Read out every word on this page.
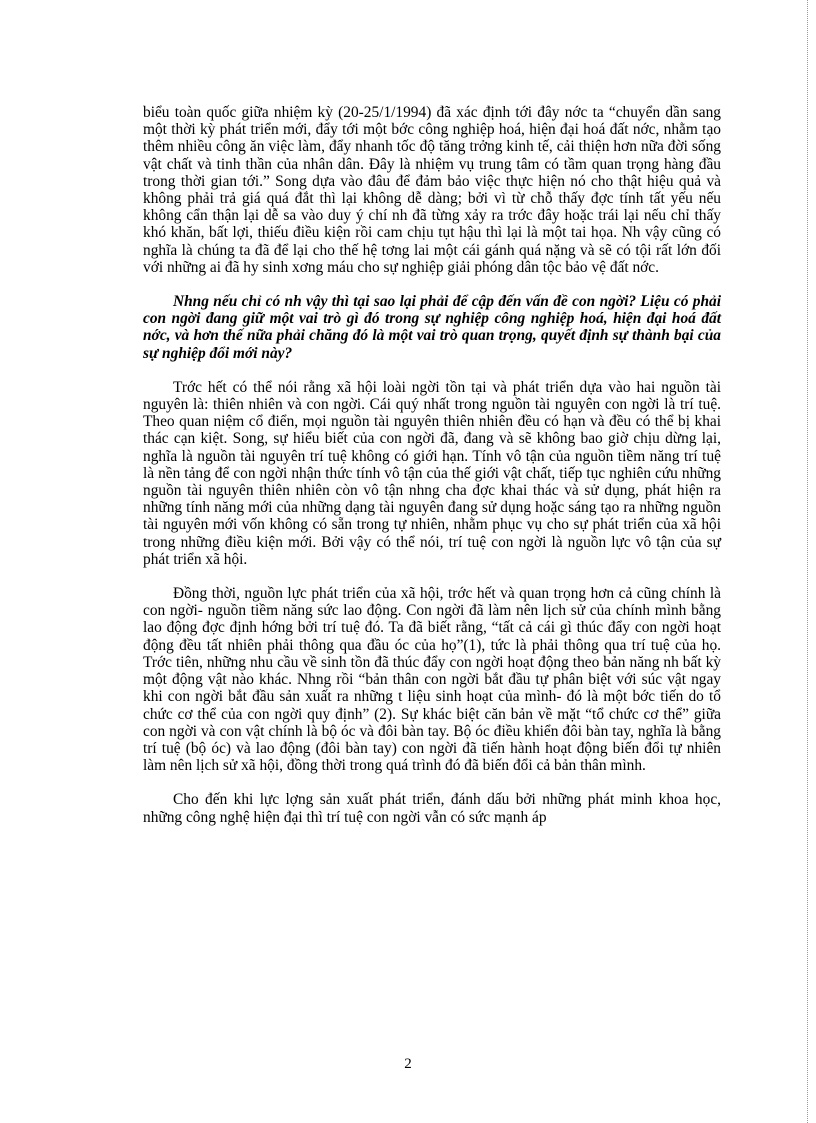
biểu toàn quốc giữa nhiệm kỳ (20-25/1/1994) đã xác định tới đây nớc ta “chuyển dần sang một thời kỳ phát triển mới, đẩy tới một bớc công nghiệp hoá, hiện đại hoá đất nớc, nhằm tạo thêm nhiều công ăn việc làm, đẩy nhanh tốc độ tăng trởng kinh tế, cải thiện hơn nữa đời sống vật chất và tinh thần của nhân dân. Đây là nhiệm vụ trung tâm có tầm quan trọng hàng đầu trong thời gian tới.” Song dựa vào đâu để đảm bảo việc thực hiện nó cho thật hiệu quả và không phải trả giá quá đắt thì lại không dễ dàng; bởi vì từ chỗ thấy đợc tính tất yếu nếu không cẩn thận lại dễ sa vào duy ý chí nh đã từng xảy ra trớc đây hoặc trái lại nếu chỉ thấy khó khăn, bất lợi, thiếu điều kiện rồi cam chịu tụt hậu thì lại là một tai họa. Nh vậy cũng có nghĩa là chúng ta đã để lại cho thế hệ tơng lai một cái gánh quá nặng và sẽ có tội rất lớn đối với những ai đã hy sinh xơng máu cho sự nghiệp giải phóng dân tộc bảo vệ đất nớc.

Nhng nếu chỉ có nh vậy thì tại sao lại phải để cập đến vấn đề con ngời? Liệu có phải con ngời đang giữ một vai trò gì đó trong sự nghiệp công nghiệp hoá, hiện đại hoá đất nớc, và hơn thế nữa phải chăng đó là một vai trò quan trọng, quyết định sự thành bại của sự nghiệp đổi mới này?

Trớc hết có thể nói rằng xã hội loài ngời tồn tại và phát triển dựa vào hai nguồn tài nguyên là: thiên nhiên và con ngời. Cái quý nhất trong nguồn tài nguyên con ngời là trí tuệ. Theo quan niệm cổ điển, mọi nguồn tài nguyên thiên nhiên đều có hạn và đều có thể bị khai thác cạn kiệt. Song, sự hiểu biết của con ngời đã, đang và sẽ không bao giờ chịu dừng lại, nghĩa là nguồn tài nguyên trí tuệ không có giới hạn. Tính vô tận của nguồn tiềm năng trí tuệ là nền tảng để con ngời nhận thức tính vô tận của thế giới vật chất, tiếp tục nghiên cứu những nguồn tài nguyên thiên nhiên còn vô tận nhng cha đợc khai thác và sử dụng, phát hiện ra những tính năng mới của những dạng tài nguyên đang sử dụng hoặc sáng tạo ra những nguồn tài nguyên mới vốn không có sẵn trong tự nhiên, nhằm phục vụ cho sự phát triển của xã hội trong những điều kiện mới. Bởi vậy có thể nói, trí tuệ con ngời là nguồn lực vô tận của sự phát triển xã hội.

Đồng thời, nguồn lực phát triển của xã hội, trớc hết và quan trọng hơn cả cũng chính là con ngời- nguồn tiềm năng sức lao động. Con ngời đã làm nên lịch sử của chính mình bằng lao động đợc định hớng bởi trí tuệ đó. Ta đã biết rằng, “tất cả cái gì thúc đẩy con ngời hoạt động đều tất nhiên phải thông qua đầu óc của họ”(1), tức là phải thông qua trí tuệ của họ. Trớc tiên, những nhu cầu về sinh tồn đã thúc đẩy con ngời hoạt động theo bản năng nh bất kỳ một động vật nào khác. Nhng rồi “bản thân con ngời bắt đầu tự phân biệt với súc vật ngay khi con ngời bắt đầu sản xuất ra những t liệu sinh hoạt của mình- đó là một bớc tiến do tổ chức cơ thể của con ngời quy định” (2). Sự khác biệt căn bản về mặt “tổ chức cơ thể” giữa con ngời và con vật chính là bộ óc và đôi bàn tay. Bộ óc điều khiển đôi bàn tay, nghĩa là bằng trí tuệ (bộ óc) và lao động (đôi bàn tay) con ngời đã tiến hành hoạt động biến đổi tự nhiên làm nên lịch sử xã hội, đồng thời trong quá trình đó đã biến đổi cả bản thân mình.

Cho đến khi lực lợng sản xuất phát triển, đánh dấu bởi những phát minh khoa học, những công nghệ hiện đại thì trí tuệ con ngời vẫn có sức mạnh áp

2
